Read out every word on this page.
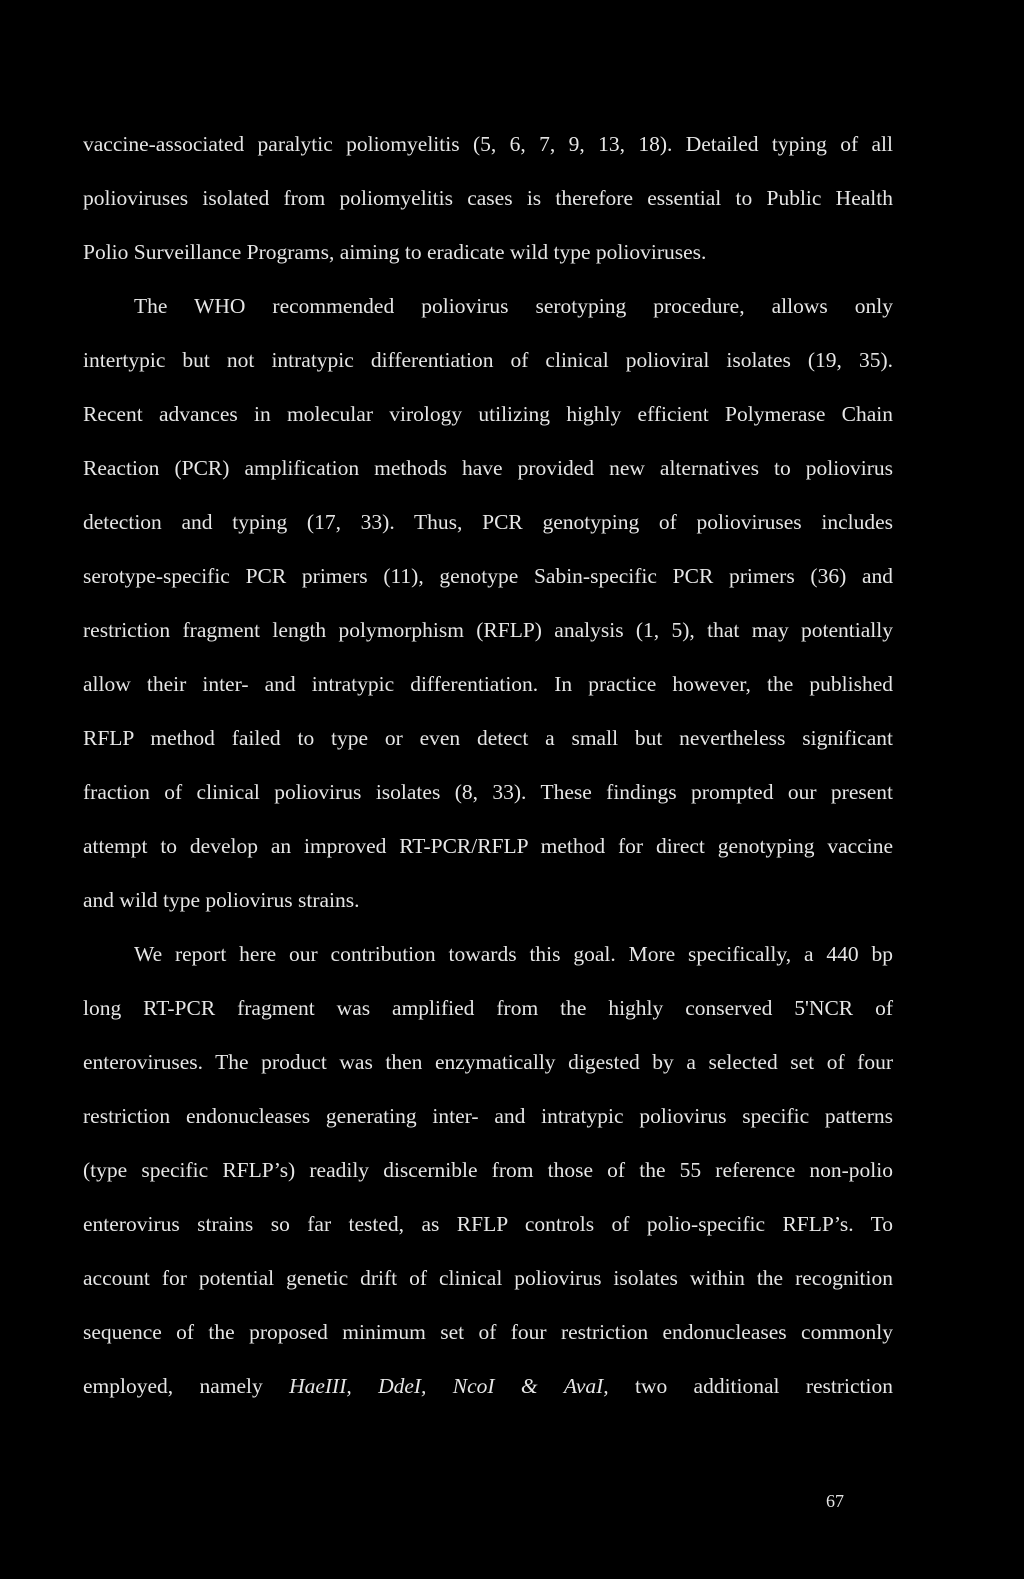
vaccine-associated paralytic poliomyelitis (5, 6, 7, 9, 13, 18). Detailed typing of all
polioviruses isolated from poliomyelitis cases is therefore essential to Public Health
Polio Surveillance Programs, aiming to eradicate wild type polioviruses.
The WHO recommended poliovirus serotyping procedure, allows only
intertypic but not intratypic differentiation of clinical polioviral isolates (19, 35).
Recent advances in molecular virology utilizing highly efficient Polymerase Chain
Reaction (PCR) amplification methods have provided new alternatives to poliovirus
detection and typing (17, 33). Thus, PCR genotyping of polioviruses includes
serotype-specific PCR primers (11), genotype Sabin-specific PCR primers (36) and
restriction fragment length polymorphism (RFLP) analysis (1, 5), that may potentially
allow their inter- and intratypic differentiation. In practice however, the published
RFLP method failed to type or even detect a small but nevertheless significant
fraction of clinical poliovirus isolates (8, 33). These findings prompted our present
attempt to develop an improved RT-PCR/RFLP method for direct genotyping vaccine
and wild type poliovirus strains.
We report here our contribution towards this goal. More specifically, a 440 bp
long RT-PCR fragment was amplified from the highly conserved 5'NCR of
enteroviruses. The product was then enzymatically digested by a selected set of four
restriction endonucleases generating inter- and intratypic poliovirus specific patterns
(type specific RFLP’s) readily discernible from those of the 55 reference non-polio
enterovirus strains so far tested, as RFLP controls of polio-specific RFLP’s. To
account for potential genetic drift of clinical poliovirus isolates within the recognition
sequence of the proposed minimum set of four restriction endonucleases commonly
employed, namely HaeIII, DdeI, NcoI & AvaI, two additional restriction
67
